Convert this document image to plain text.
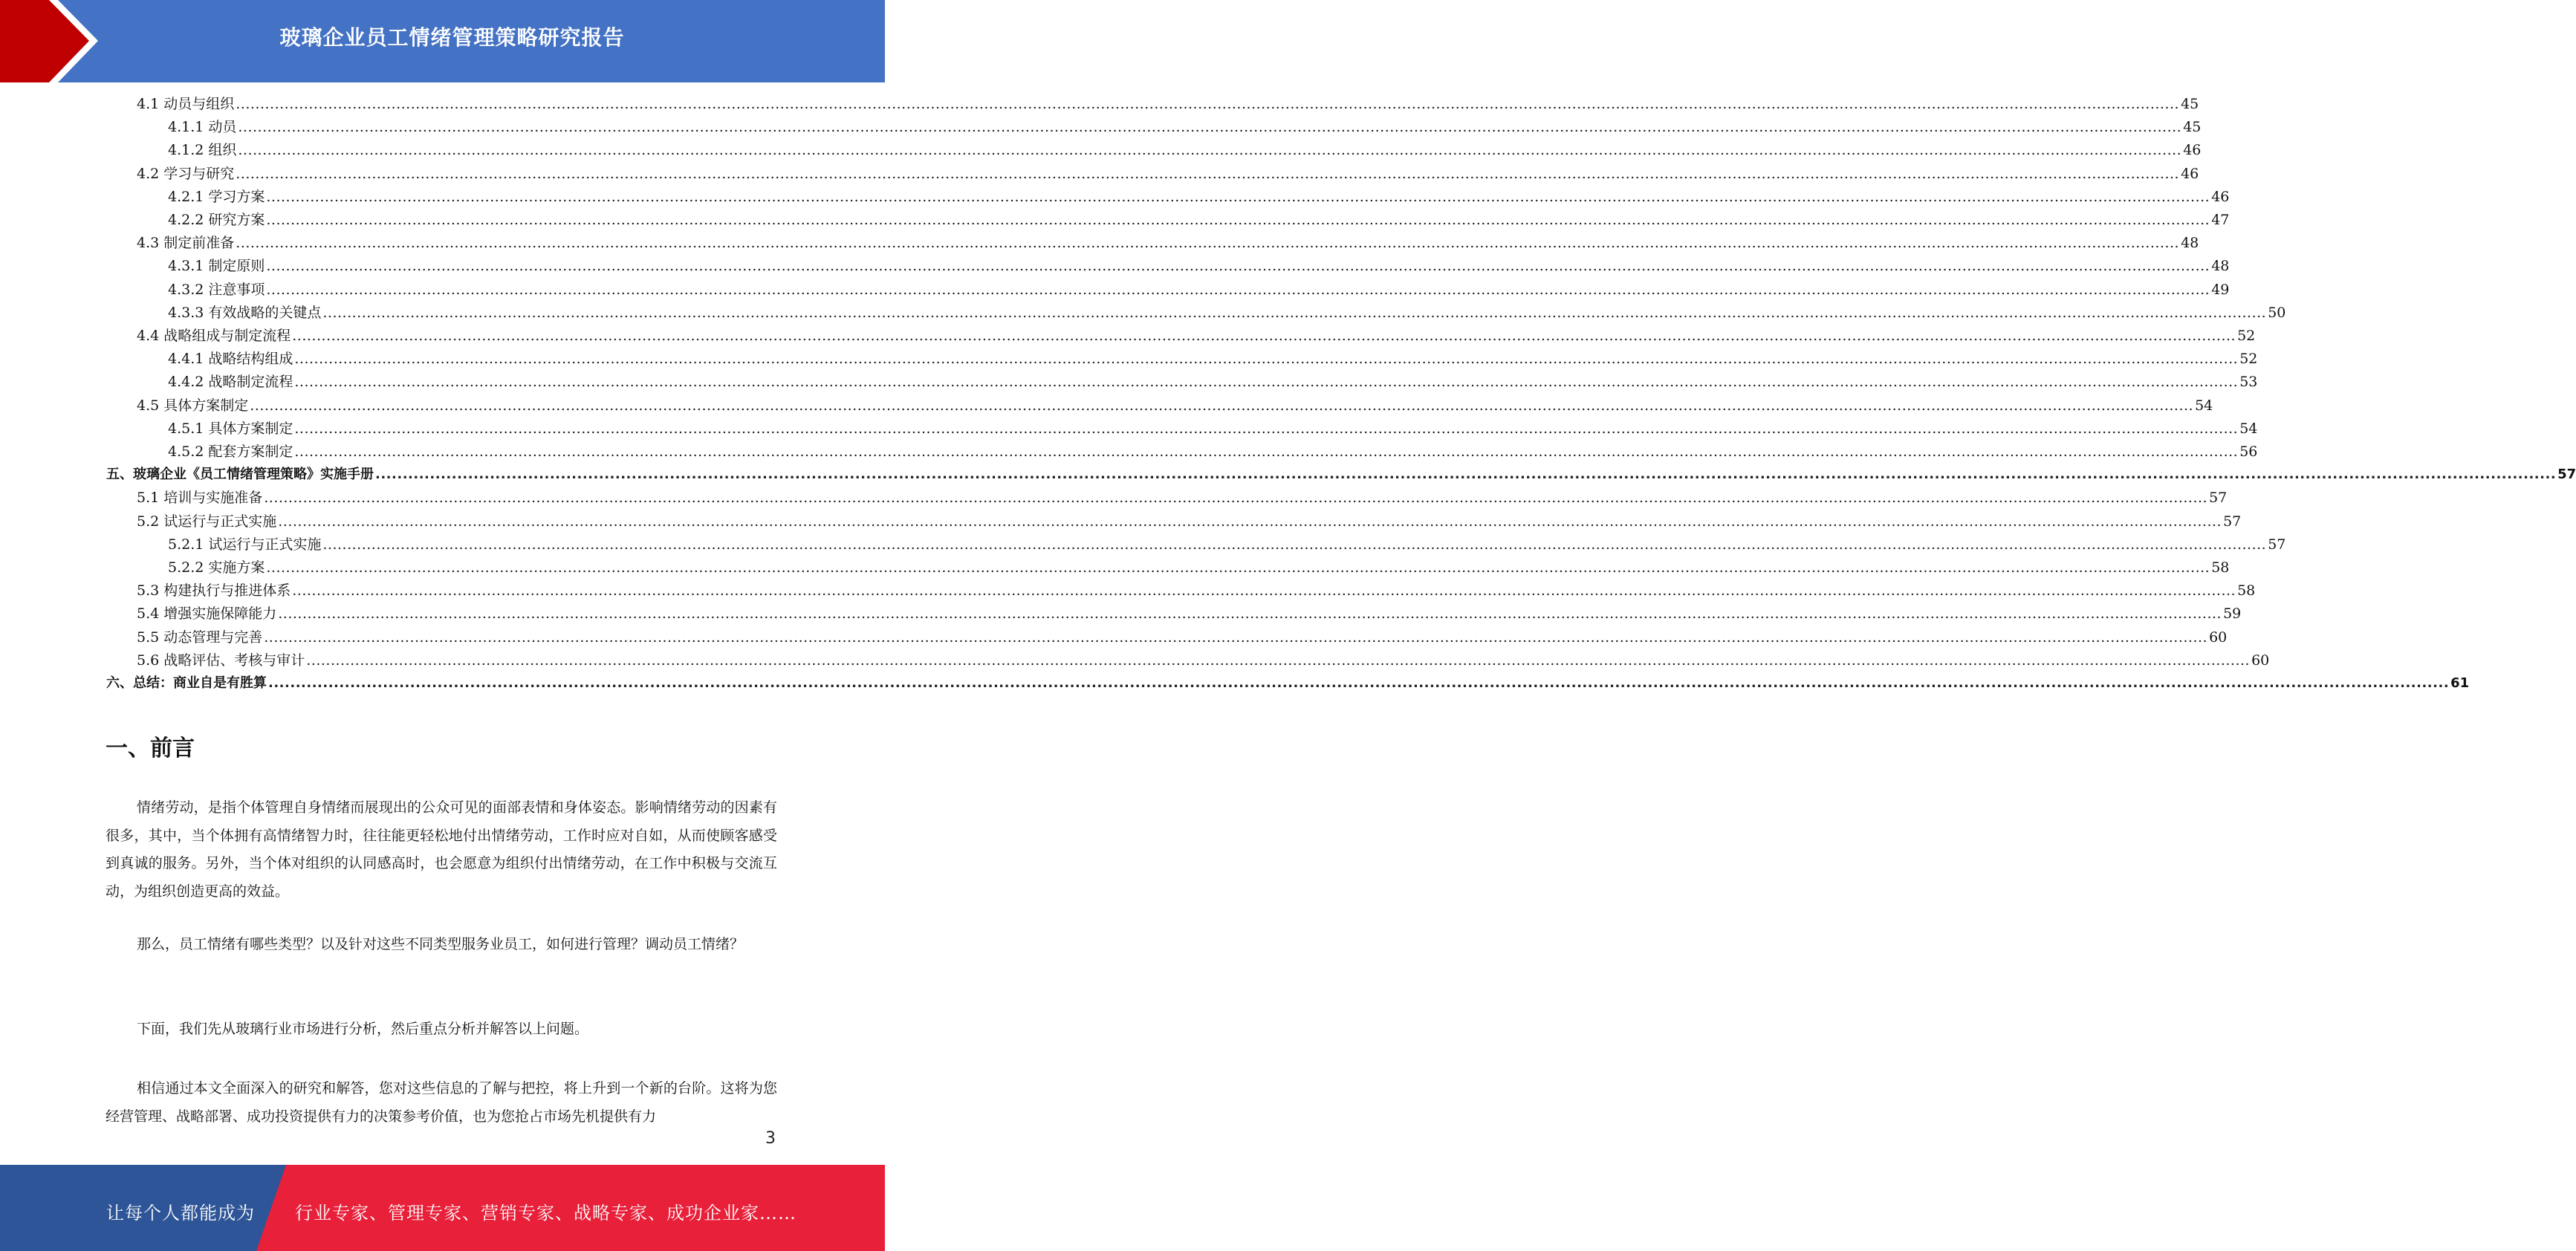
玻璃企业员工情绪管理策略研究报告
4.1 动员与组织 ................................................................................................................................................................................................................................................................................................................................................................................................................ 45
4.1.1 动员 ................................................................................................................................................................................................................................................................................................................................................................................................................ 45
4.1.2 组织 ................................................................................................................................................................................................................................................................................................................................................................................................................ 46
4.2 学习与研究 ................................................................................................................................................................................................................................................................................................................................................................................................................ 46
4.2.1 学习方案 ................................................................................................................................................................................................................................................................................................................................................................................................................ 46
4.2.2 研究方案 ................................................................................................................................................................................................................................................................................................................................................................................................................ 47
4.3 制定前准备 ................................................................................................................................................................................................................................................................................................................................................................................................................ 48
4.3.1 制定原则 ................................................................................................................................................................................................................................................................................................................................................................................................................ 48
4.3.2 注意事项 ................................................................................................................................................................................................................................................................................................................................................................................................................ 49
4.3.3 有效战略的关键点 ................................................................................................................................................................................................................................................................................................................................................................................................................ 50
4.4 战略组成与制定流程 ................................................................................................................................................................................................................................................................................................................................................................................................................ 52
4.4.1 战略结构组成 ................................................................................................................................................................................................................................................................................................................................................................................................................ 52
4.4.2 战略制定流程 ................................................................................................................................................................................................................................................................................................................................................................................................................ 53
4.5 具体方案制定 ................................................................................................................................................................................................................................................................................................................................................................................................................ 54
4.5.1 具体方案制定 ................................................................................................................................................................................................................................................................................................................................................................................................................ 54
4.5.2 配套方案制定 ................................................................................................................................................................................................................................................................................................................................................................................................................ 56
五、玻璃企业《员工情绪管理策略》实施手册 ................................................................................................................................................................................................................................................................................................................................................................................................................ 57
5.1 培训与实施准备 ................................................................................................................................................................................................................................................................................................................................................................................................................ 57
5.2 试运行与正式实施 ................................................................................................................................................................................................................................................................................................................................................................................................................ 57
5.2.1 试运行与正式实施 ................................................................................................................................................................................................................................................................................................................................................................................................................ 57
5.2.2 实施方案 ................................................................................................................................................................................................................................................................................................................................................................................................................ 58
5.3 构建执行与推进体系 ................................................................................................................................................................................................................................................................................................................................................................................................................ 58
5.4 增强实施保障能力 ................................................................................................................................................................................................................................................................................................................................................................................................................ 59
5.5 动态管理与完善 ................................................................................................................................................................................................................................................................................................................................................................................................................ 60
5.6 战略评估、考核与审计 ................................................................................................................................................................................................................................................................................................................................................................................................................ 60
六、总结：商业自是有胜算 ................................................................................................................................................................................................................................................................................................................................................................................................................ 61
一、前言

情绪劳动，是指个体管理自身情绪而展现出的公众可见的面部表情和身体姿态。影响情绪劳动的因素有很多，其中，当个体拥有高情绪智力时，往往能更轻松地付出情绪劳动，工作时应对自如，从而使顾客感受到真诚的服务。另外，当个体对组织的认同感高时，也会愿意为组织付出情绪劳动，在工作中积极与交流互动，为组织创造更高的效益。

那么，员工情绪有哪些类型？以及针对这些不同类型服务业员工，如何进行管理？调动员工情绪？

下面，我们先从玻璃行业市场进行分析，然后重点分析并解答以上问题。

相信通过本文全面深入的研究和解答，您对这些信息的了解与把控，将上升到一个新的台阶。这将为您经营管理、战略部署、成功投资提供有力的决策参考价值，也为您抢占市场先机提供有力

3
让每个人都能成为 行业专家、管理专家、营销专家、战略专家、成功企业家……
